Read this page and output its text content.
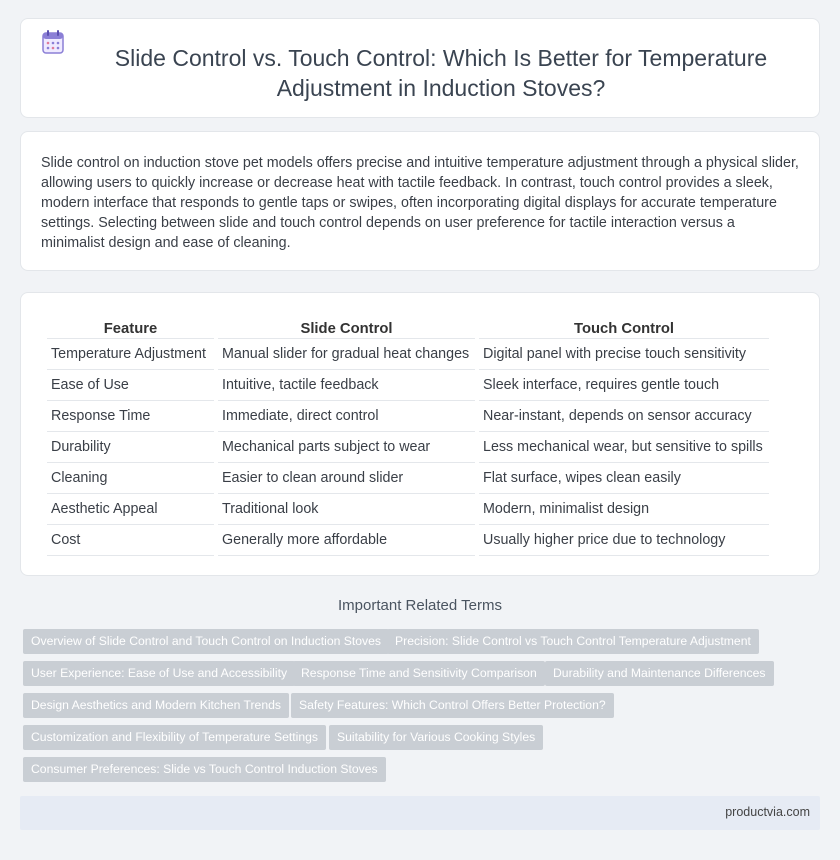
Slide Control vs. Touch Control: Which Is Better for Temperature Adjustment in Induction Stoves?

Slide control on induction stove pet models offers precise and intuitive temperature adjustment through a physical slider, allowing users to quickly increase or decrease heat with tactile feedback. In contrast, touch control provides a sleek, modern interface that responds to gentle taps or swipes, often incorporating digital displays for accurate temperature settings. Selecting between slide and touch control depends on user preference for tactile interaction versus a minimalist design and ease of cleaning.

Feature	Slide Control	Touch Control
Temperature Adjustment	Manual slider for gradual heat changes	Digital panel with precise touch sensitivity
Ease of Use	Intuitive, tactile feedback	Sleek interface, requires gentle touch
Response Time	Immediate, direct control	Near-instant, depends on sensor accuracy
Durability	Mechanical parts subject to wear	Less mechanical wear, but sensitive to spills
Cleaning	Easier to clean around slider	Flat surface, wipes clean easily
Aesthetic Appeal	Traditional look	Modern, minimalist design
Cost	Generally more affordable	Usually higher price due to technology
Important Related Terms
Overview of Slide Control and Touch Control on Induction Stoves	Precision: Slide Control vs Touch Control Temperature Adjustment
User Experience: Ease of Use and Accessibility	Response Time and Sensitivity Comparison	Durability and Maintenance Differences
Design Aesthetics and Modern Kitchen Trends	Safety Features: Which Control Offers Better Protection?
Customization and Flexibility of Temperature Settings	Suitability for Various Cooking Styles
Consumer Preferences: Slide vs Touch Control Induction Stoves
productvia.com
